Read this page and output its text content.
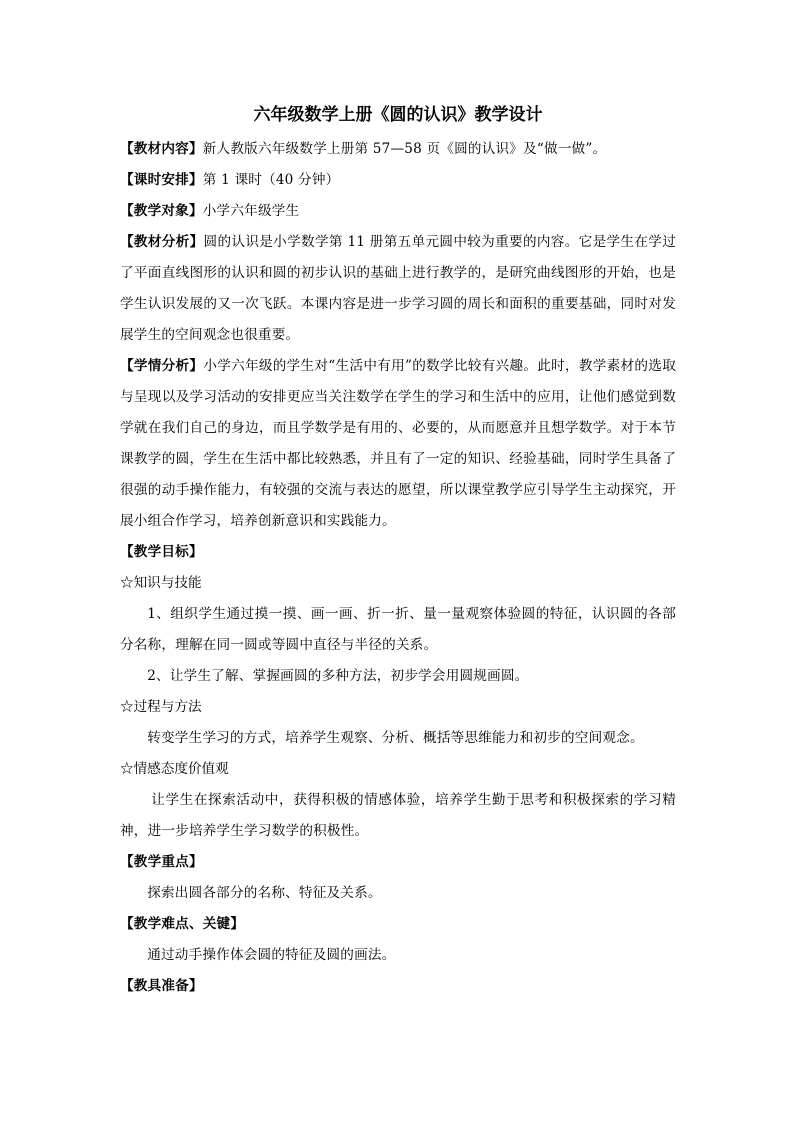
六年级数学上册《圆的认识》教学设计

【教材内容】新人教版六年级数学上册第 57—58 页《圆的认识》及“做一做”。

【课时安排】第 1 课时（40 分钟）

【教学对象】小学六年级学生

【教材分析】圆的认识是小学数学第 11 册第五单元圆中较为重要的内容。它是学生在学过了平面直线图形的认识和圆的初步认识的基础上进行教学的，是研究曲线图形的开始，也是学生认识发展的又一次飞跃。本课内容是进一步学习圆的周长和面积的重要基础，同时对发展学生的空间观念也很重要。

【学情分析】小学六年级的学生对“生活中有用”的数学比较有兴趣。此时，教学素材的选取与呈现以及学习活动的安排更应当关注数学在学生的学习和生活中的应用，让他们感觉到数学就在我们自己的身边，而且学数学是有用的、必要的，从而愿意并且想学数学。对于本节课教学的圆，学生在生活中都比较熟悉，并且有了一定的知识、经验基础，同时学生具备了很强的动手操作能力，有较强的交流与表达的愿望，所以课堂教学应引导学生主动探究，开展小组合作学习，培养创新意识和实践能力。

【教学目标】

☆知识与技能

1、组织学生通过摸一摸、画一画、折一折、量一量观察体验圆的特征，认识圆的各部分名称，理解在同一圆或等圆中直径与半径的关系。

2、让学生了解、掌握画圆的多种方法，初步学会用圆规画圆。

☆过程与方法

转变学生学习的方式，培养学生观察、分析、概括等思维能力和初步的空间观念。

☆情感态度价值观

让学生在探索活动中，获得积极的情感体验，培养学生勤于思考和积极探索的学习精神，进一步培养学生学习数学的积极性。

【教学重点】

探索出圆各部分的名称、特征及关系。

【教学难点、关键】

通过动手操作体会圆的特征及圆的画法。

【教具准备】
